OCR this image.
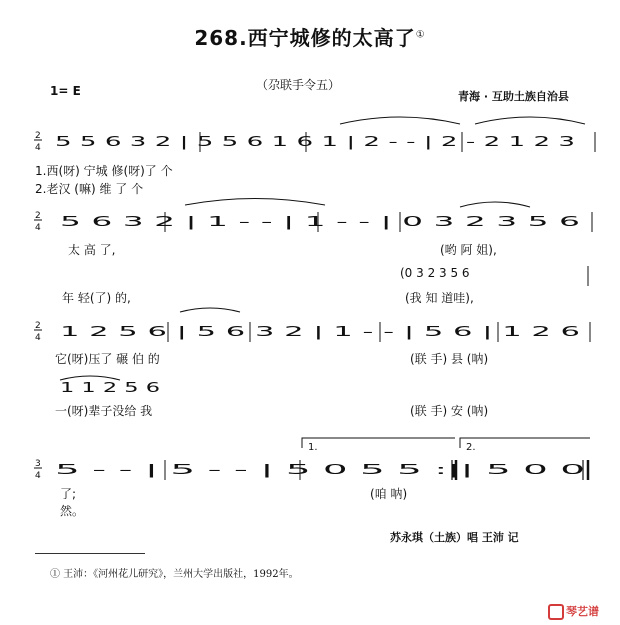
268.西宁城修的太高了①
1= E	（尕联手令五）
青海 · 互助土族自治县
2
4 5 5 6 3 2 | 5 5 6 1 6 1 | 2 - - | 2 - 2 1 2 3
2
4 5 6 3 2 | 1 - - | 1 - - | 0 3 2 3 5 6
2
4 1 2 5 6 | 5 6 3 2 | 1 - - | 5 6 | 1 2 6
1 1 2 5 6
1.	2.
3
4 5 - - | 5 - - | 5 0 5 5 :|| 5 0 0
1.西(呀) 宁城 修(呀)了 个
2.老汉 (嘛) 维 了 个
太 高 了,	(哟 阿 姐),
(0 3 2 3 5 6
年 轻(了) 的,	(我 知 道哇),
它(呀)压了 碾 伯 的	(联 手) 县 (呐)
一(呀)辈子没给 我	(联 手) 安 (呐)
了;	(咱 呐)
然。
苏永琪（土族）唱 王沛 记
① 王沛：《河州花儿研究》，兰州大学出版社，1992年。
琴艺谱
